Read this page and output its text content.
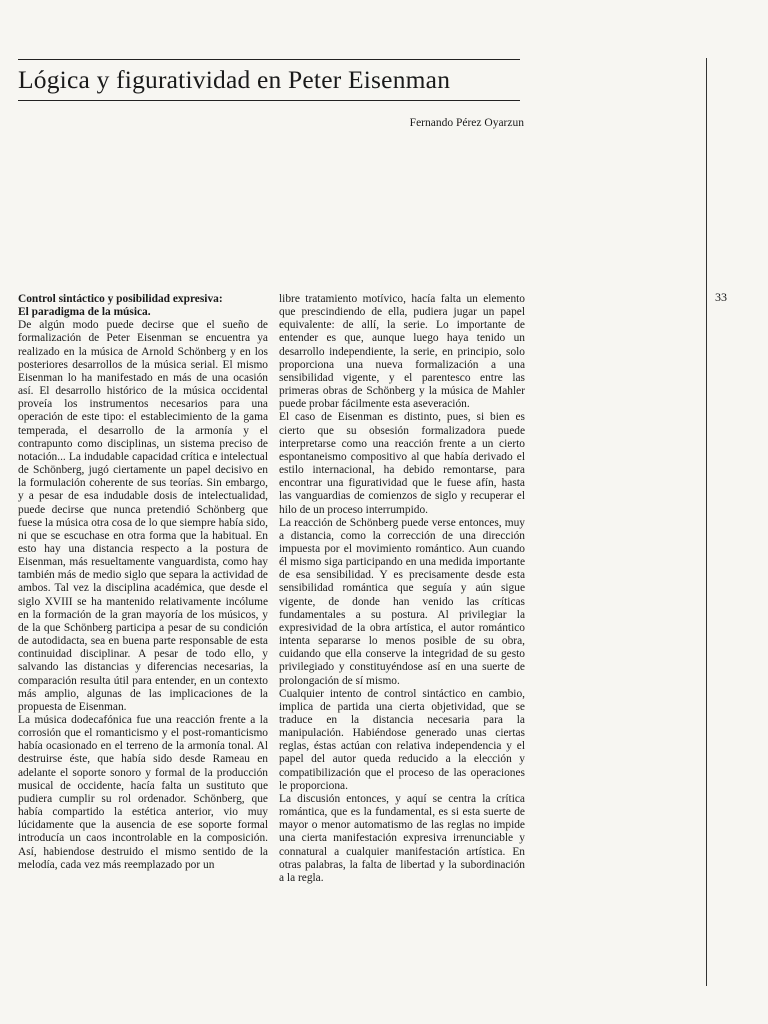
Lógica y figuratividad en Peter Eisenman
Fernando Pérez Oyarzun
33

Control sintáctico y posibilidad expresiva:
El paradigma de la música.

De algún modo puede decirse que el sueño de formalización de Peter Eisenman se encuentra ya realizado en la música de Arnold Schönberg y en los posteriores desarrollos de la música serial. El mismo Eisenman lo ha manifestado en más de una ocasión así. El desarrollo histórico de la música occidental proveía los instrumentos necesarios para una operación de este tipo: el establecimiento de la gama temperada, el desarrollo de la armonía y el contrapunto como disciplinas, un sistema preciso de notación... La indudable capacidad crítica e intelectual de Schönberg, jugó ciertamente un papel decisivo en la formulación coherente de sus teorías. Sin embargo, y a pesar de esa indudable dosis de intelectualidad, puede decirse que nunca pretendió Schönberg que fuese la música otra cosa de lo que siempre había sido, ni que se escuchase en otra forma que la habitual. En esto hay una distancia respecto a la postura de Eisenman, más resueltamente vanguardista, como hay también más de medio siglo que separa la actividad de ambos. Tal vez la disciplina académica, que desde el siglo XVIII se ha mantenido relativamente incólume en la formación de la gran mayoría de los músicos, y de la que Schönberg participa a pesar de su condición de autodidacta, sea en buena parte responsable de esta continuidad disciplinar. A pesar de todo ello, y salvando las distancias y diferencias necesarias, la comparación resulta útil para entender, en un contexto más amplio, algunas de las implicaciones de la propuesta de Eisenman.

La música dodecafónica fue una reacción frente a la corrosión que el romanticismo y el post-romanticismo había ocasionado en el terreno de la armonía tonal. Al destruirse éste, que había sido desde Rameau en adelante el soporte sonoro y formal de la producción musical de occidente, hacía falta un sustituto que pudiera cumplir su rol ordenador. Schönberg, que había compartido la estética anterior, vio muy lúcidamente que la ausencia de ese soporte formal introducía un caos incontrolable en la composición. Así, habiendose destruido el mismo sentido de la melodía, cada vez más reemplazado por un

libre tratamiento motívico, hacía falta un elemento que prescindiendo de ella, pudiera jugar un papel equivalente: de allí, la serie. Lo importante de entender es que, aunque luego haya tenido un desarrollo independiente, la serie, en principio, solo proporciona una nueva formalización a una sensibilidad vigente, y el parentesco entre las primeras obras de Schönberg y la música de Mahler puede probar fácilmente esta aseveración.

El caso de Eisenman es distinto, pues, si bien es cierto que su obsesión formalizadora puede interpretarse como una reacción frente a un cierto espontaneismo compositivo al que había derivado el estilo internacional, ha debido remontarse, para encontrar una figuratividad que le fuese afín, hasta las vanguardias de comienzos de siglo y recuperar el hilo de un proceso interrumpido.

La reacción de Schönberg puede verse entonces, muy a distancia, como la corrección de una dirección impuesta por el movimiento romántico. Aun cuando él mismo siga participando en una medida importante de esa sensibilidad. Y es precisamente desde esta sensibilidad romántica que seguía y aún sigue vigente, de donde han venido las críticas fundamentales a su postura. Al privilegiar la expresividad de la obra artística, el autor romántico intenta separarse lo menos posible de su obra, cuidando que ella conserve la integridad de su gesto privilegiado y constituyéndose así en una suerte de prolongación de sí mismo.

Cualquier intento de control sintáctico en cambio, implica de partida una cierta objetividad, que se traduce en la distancia necesaria para la manipulación. Habiéndose generado unas ciertas reglas, éstas actúan con relativa independencia y el papel del autor queda reducido a la elección y compatibilización que el proceso de las operaciones le proporciona.

La discusión entonces, y aquí se centra la crítica romántica, que es la fundamental, es si esta suerte de mayor o menor automatismo de las reglas no impide una cierta manifestación expresiva irrenunciable y connatural a cualquier manifestación artística. En otras palabras, la falta de libertad y la subordinación a la regla.
